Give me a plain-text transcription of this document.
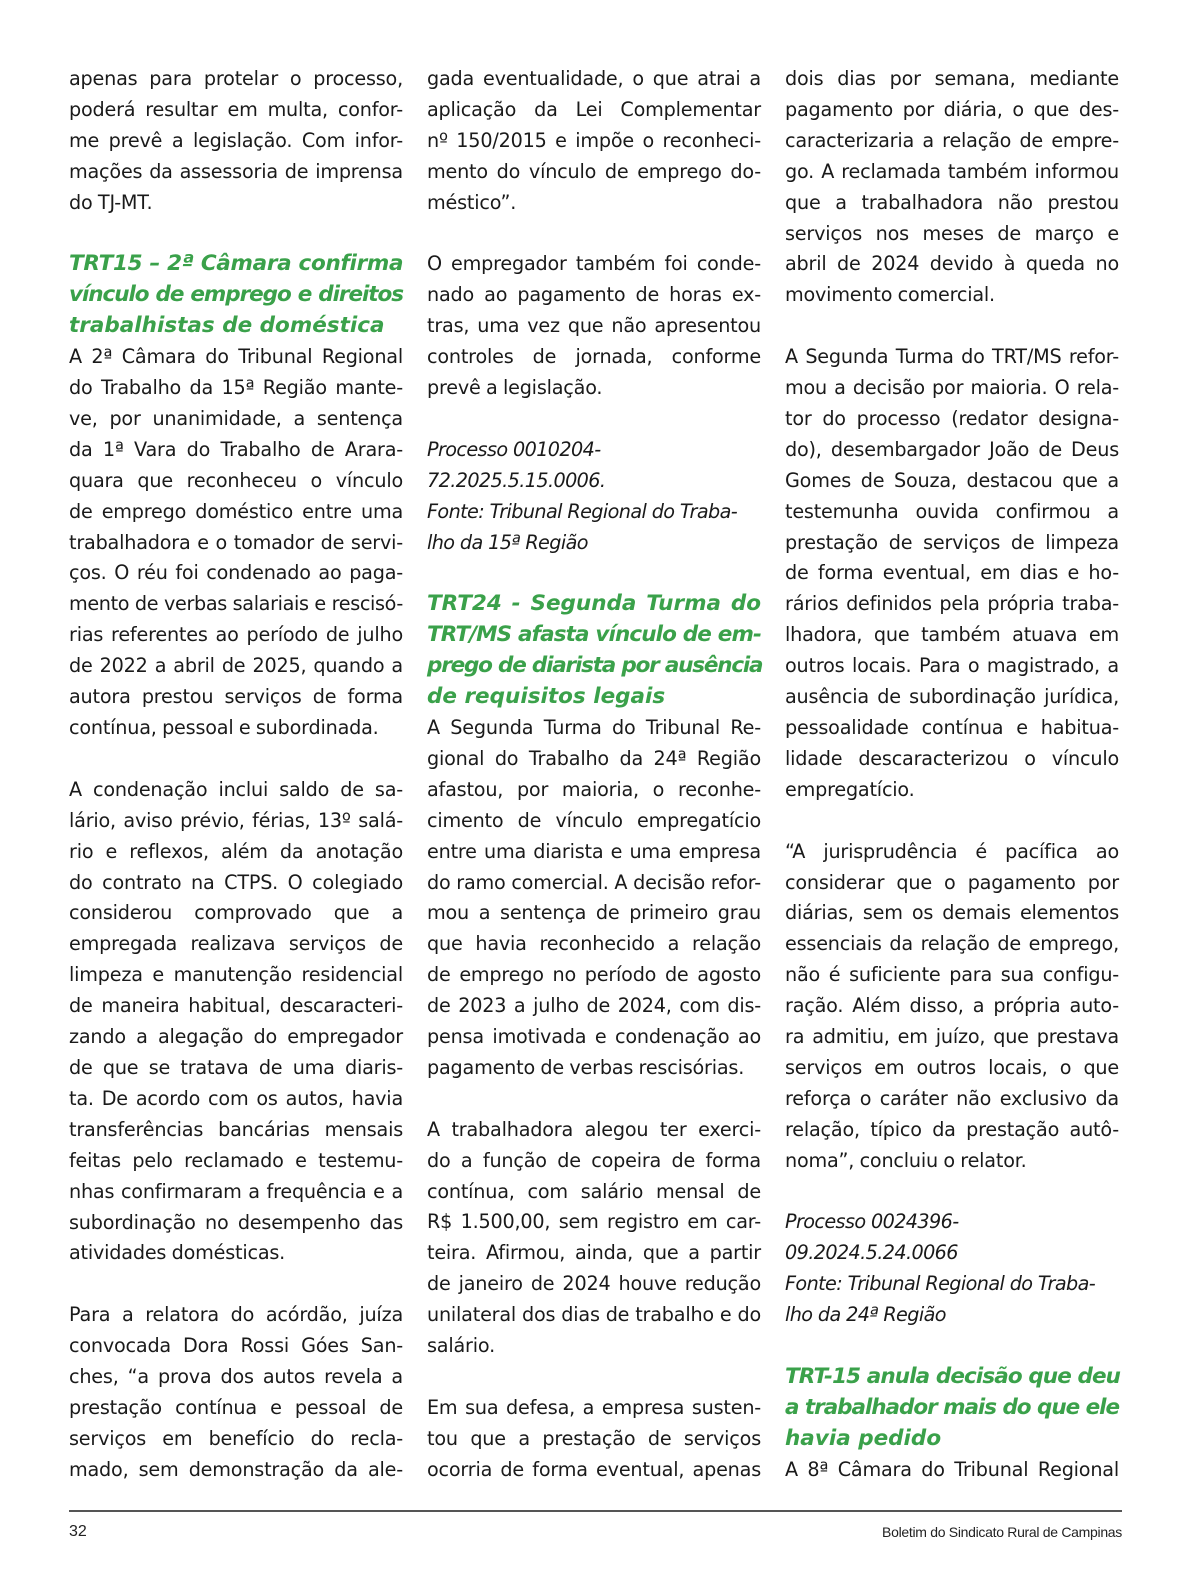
apenas para protelar o processo,
poderá resultar em multa, confor-
me prevê a legislação. Com infor-
mações da assessoria de imprensa
do TJ-MT.
TRT15 – 2ª Câmara confirma
vínculo de emprego e direitos
trabalhistas de doméstica
A 2ª Câmara do Tribunal Regional
do Trabalho da 15ª Região mante-
ve, por unanimidade, a sentença
da 1ª Vara do Trabalho de Arara-
quara que reconheceu o vínculo
de emprego doméstico entre uma
trabalhadora e o tomador de servi-
ços. O réu foi condenado ao paga-
mento de verbas salariais e rescisó-
rias referentes ao período de julho
de 2022 a abril de 2025, quando a
autora prestou serviços de forma
contínua, pessoal e subordinada.
A condenação inclui saldo de sa-
lário, aviso prévio, férias, 13º salá-
rio e reflexos, além da anotação
do contrato na CTPS. O colegiado
considerou comprovado que a
empregada realizava serviços de
limpeza e manutenção residencial
de maneira habitual, descaracteri-
zando a alegação do empregador
de que se tratava de uma diaris-
ta. De acordo com os autos, havia
transferências bancárias mensais
feitas pelo reclamado e testemu-
nhas confirmaram a frequência e a
subordinação no desempenho das
atividades domésticas.
Para a relatora do acórdão, juíza
convocada Dora Rossi Góes San-
ches, “a prova dos autos revela a
prestação contínua e pessoal de
serviços em benefício do recla-
mado, sem demonstração da ale-
gada eventualidade, o que atrai a
aplicação da Lei Complementar
nº 150/2015 e impõe o reconheci-
mento do vínculo de emprego do-
méstico”.
O empregador também foi conde-
nado ao pagamento de horas ex-
tras, uma vez que não apresentou
controles de jornada, conforme
prevê a legislação.
Processo 0010204-
72.2025.5.15.0006.
Fonte: Tribunal Regional do Traba-
lho da 15ª Região
TRT24 - Segunda Turma do
TRT/MS afasta vínculo de em-
prego de diarista por ausência
de requisitos legais
A Segunda Turma do Tribunal Re-
gional do Trabalho da 24ª Região
afastou, por maioria, o reconhe-
cimento de vínculo empregatício
entre uma diarista e uma empresa
do ramo comercial. A decisão refor-
mou a sentença de primeiro grau
que havia reconhecido a relação
de emprego no período de agosto
de 2023 a julho de 2024, com dis-
pensa imotivada e condenação ao
pagamento de verbas rescisórias.
A trabalhadora alegou ter exerci-
do a função de copeira de forma
contínua, com salário mensal de
R$ 1.500,00, sem registro em car-
teira. Afirmou, ainda, que a partir
de janeiro de 2024 houve redução
unilateral dos dias de trabalho e do
salário.
Em sua defesa, a empresa susten-
tou que a prestação de serviços
ocorria de forma eventual, apenas
dois dias por semana, mediante
pagamento por diária, o que des-
caracterizaria a relação de empre-
go. A reclamada também informou
que a trabalhadora não prestou
serviços nos meses de março e
abril de 2024 devido à queda no
movimento comercial.
A Segunda Turma do TRT/MS refor-
mou a decisão por maioria. O rela-
tor do processo (redator designa-
do), desembargador João de Deus
Gomes de Souza, destacou que a
testemunha ouvida confirmou a
prestação de serviços de limpeza
de forma eventual, em dias e ho-
rários definidos pela própria traba-
lhadora, que também atuava em
outros locais. Para o magistrado, a
ausência de subordinação jurídica,
pessoalidade contínua e habitua-
lidade descaracterizou o vínculo
empregatício.
“A jurisprudência é pacífica ao
considerar que o pagamento por
diárias, sem os demais elementos
essenciais da relação de emprego,
não é suficiente para sua configu-
ração. Além disso, a própria auto-
ra admitiu, em juízo, que prestava
serviços em outros locais, o que
reforça o caráter não exclusivo da
relação, típico da prestação autô-
noma”, concluiu o relator.
Processo 0024396-
09.2024.5.24.0066
Fonte: Tribunal Regional do Traba-
lho da 24ª Região
TRT-15 anula decisão que deu
a trabalhador mais do que ele
havia pedido
A 8ª Câmara do Tribunal Regional
32	Boletim do Sindicato Rural de Campinas
